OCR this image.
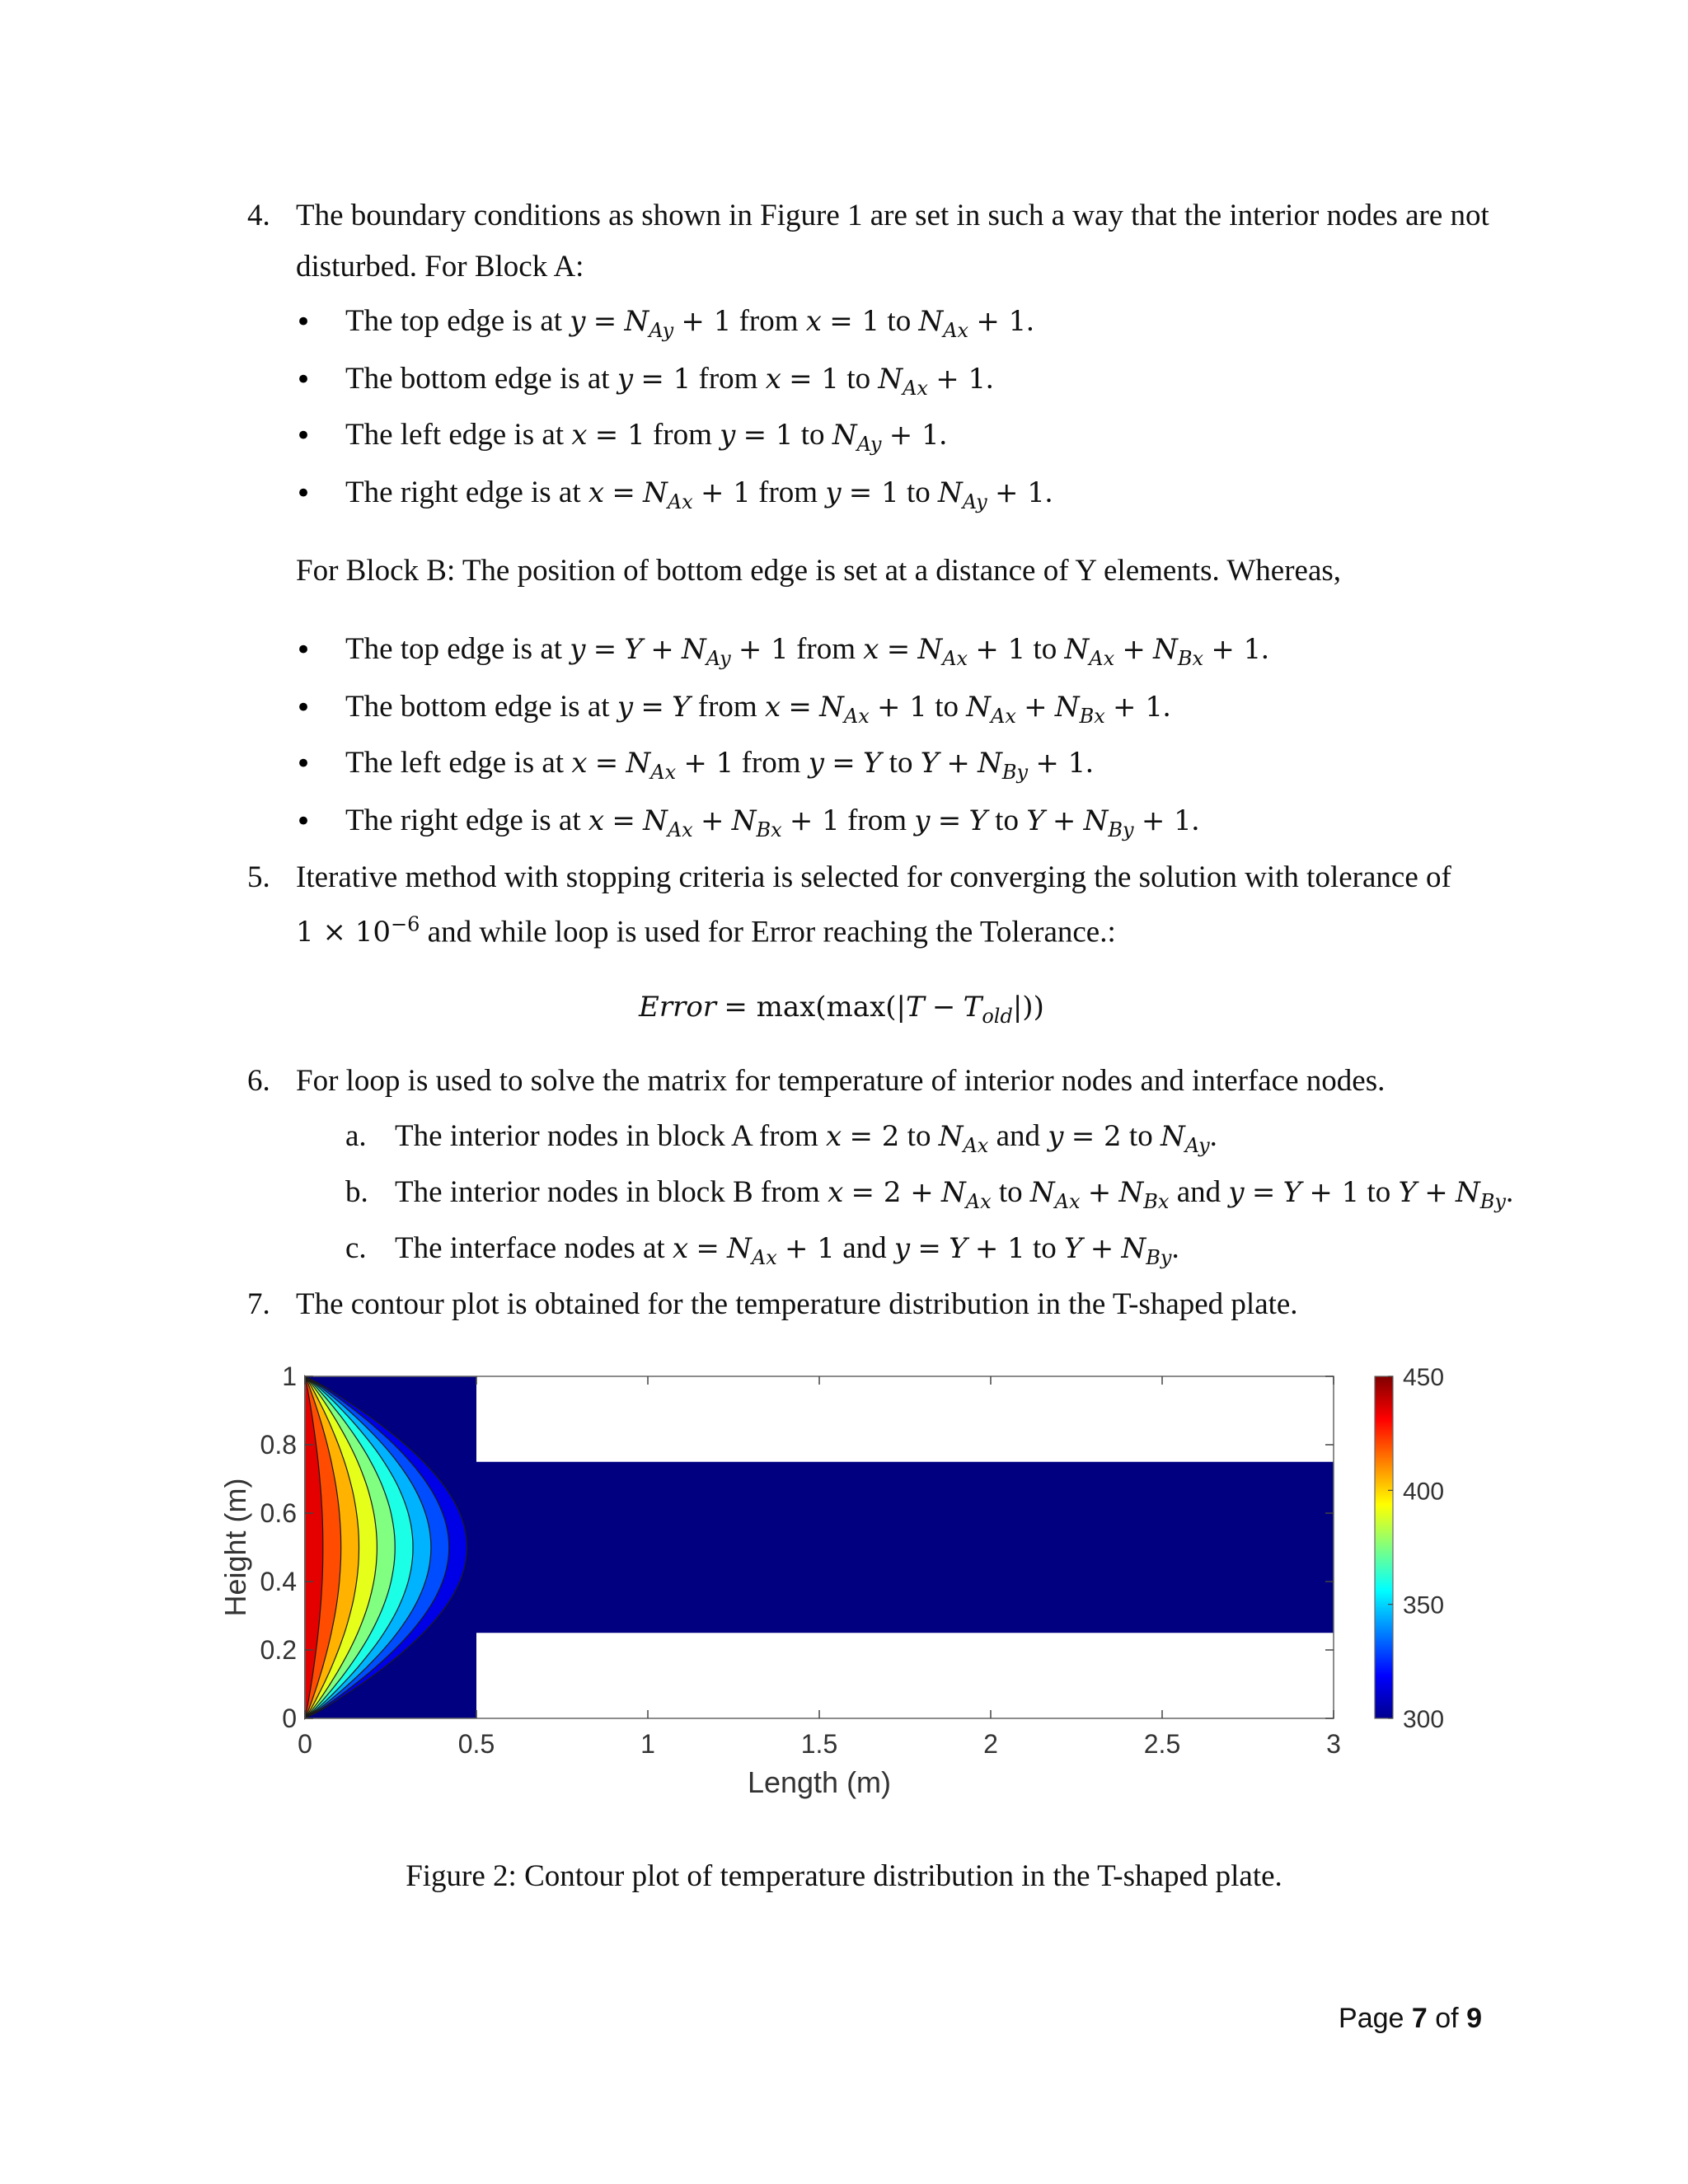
4. The boundary conditions as shown in Figure 1 are set in such a way that the interior nodes are not
disturbed. For Block A:
• The top edge is at $y = N_{Ay} + 1$ from x = 1 to $N_{Ax} + 1$.
• The bottom edge is at y = 1 from x = 1 to $N_{Ax} + 1$.
• The left edge is at x = 1 from y = 1 to $N_{Ay} + 1$.
• The right edge is at $x = N_{Ax} + 1$ from y = 1 to $N_{Ay} + 1$.
For Block B: The position of bottom edge is set at a distance of Y elements. Whereas,
• The top edge is at $y = Y + N_{Ay} + 1$ from $x = N_{Ax} + 1$ to $N_{Ax} + N_{Bx} + 1$.
• The bottom edge is at y = Y from $x = N_{Ax} + 1$ to $N_{Ax} + N_{Bx} + 1$.
• The left edge is at $x = N_{Ax} + 1$ from y = Y to $Y + N_{By} + 1$.
• The right edge is at $x = N_{Ax} + N_{Bx} + 1$ from y = Y to $Y + N_{By} + 1$.
5. Iterative method with stopping criteria is selected for converging the solution with tolerance of
$1 \times 10^{-6}$ and while loop is used for Error reaching the Tolerance.:
Error = $\max(\max(|T - T_{old}|))$
6. For loop is used to solve the matrix for temperature of interior nodes and interface nodes.
a. The interior nodes in block A from x = 2 to $N_{Ax}$ and y = 2 to $N_{Ay}$.
b. The interior nodes in block B from $x = 2 + N_{Ax}$ to $N_{Ax} + N_{Bx}$ and y = Y + 1 to $Y + N_{By}$.
c. The interface nodes at $x = N_{Ax} + 1$ and y = Y + 1 to $Y + N_{By}$.
7. The contour plot is obtained for the temperature distribution in the T-shaped plate.
0	0.5	1	1.5	2	2.5	3
0
0.2
0.4
0.6
0.8
1
Length (m)
Height (m)
300
350
400
450
Figure 2: Contour plot of temperature distribution in the T-shaped plate.
Page 7 of 9
